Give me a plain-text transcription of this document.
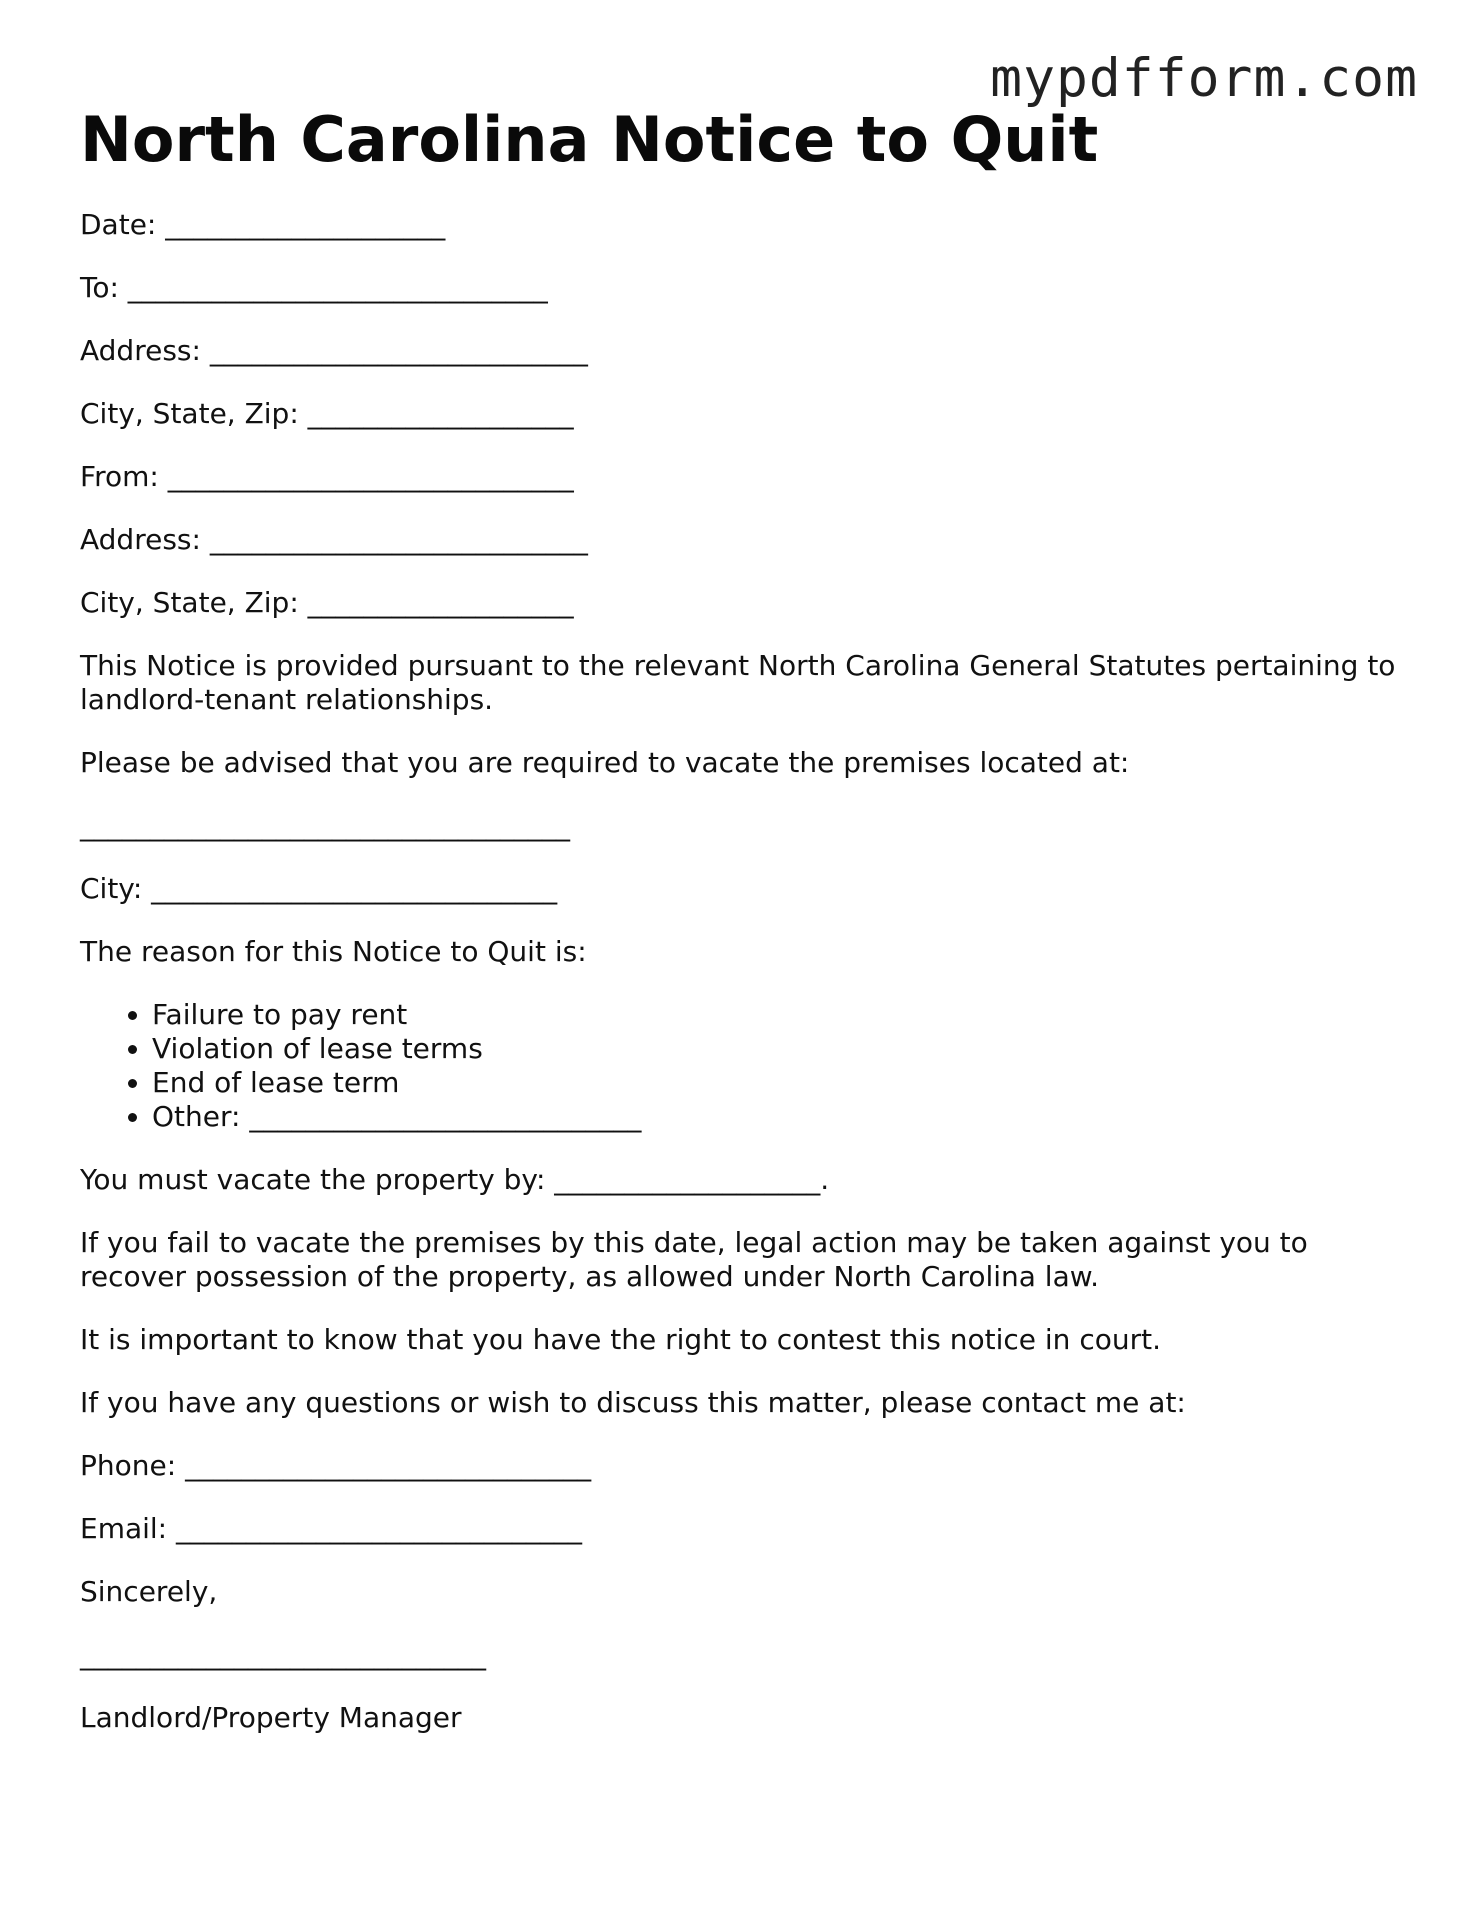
mypdfform.com
North Carolina Notice to Quit
Date: ____________________
To: ______________________________
Address: ___________________________
City, State, Zip: ___________________
From: _____________________________
Address: ___________________________
City, State, Zip: ___________________

This Notice is provided pursuant to the relevant North Carolina General Statutes pertaining to landlord-tenant relationships.

Please be advised that you are required to vacate the premises located at:

___________________________________
City: _____________________________

The reason for this Notice to Quit is:

• Failure to pay rent
• Violation of lease terms
• End of lease term
• Other: ____________________________
You must vacate the property by: ___________________.

If you fail to vacate the premises by this date, legal action may be taken against you to recover possession of the property, as allowed under North Carolina law.

It is important to know that you have the right to contest this notice in court.

If you have any questions or wish to discuss this matter, please contact me at:

Phone: _____________________________
Email: _____________________________

Sincerely,

_____________________________

Landlord/Property Manager
